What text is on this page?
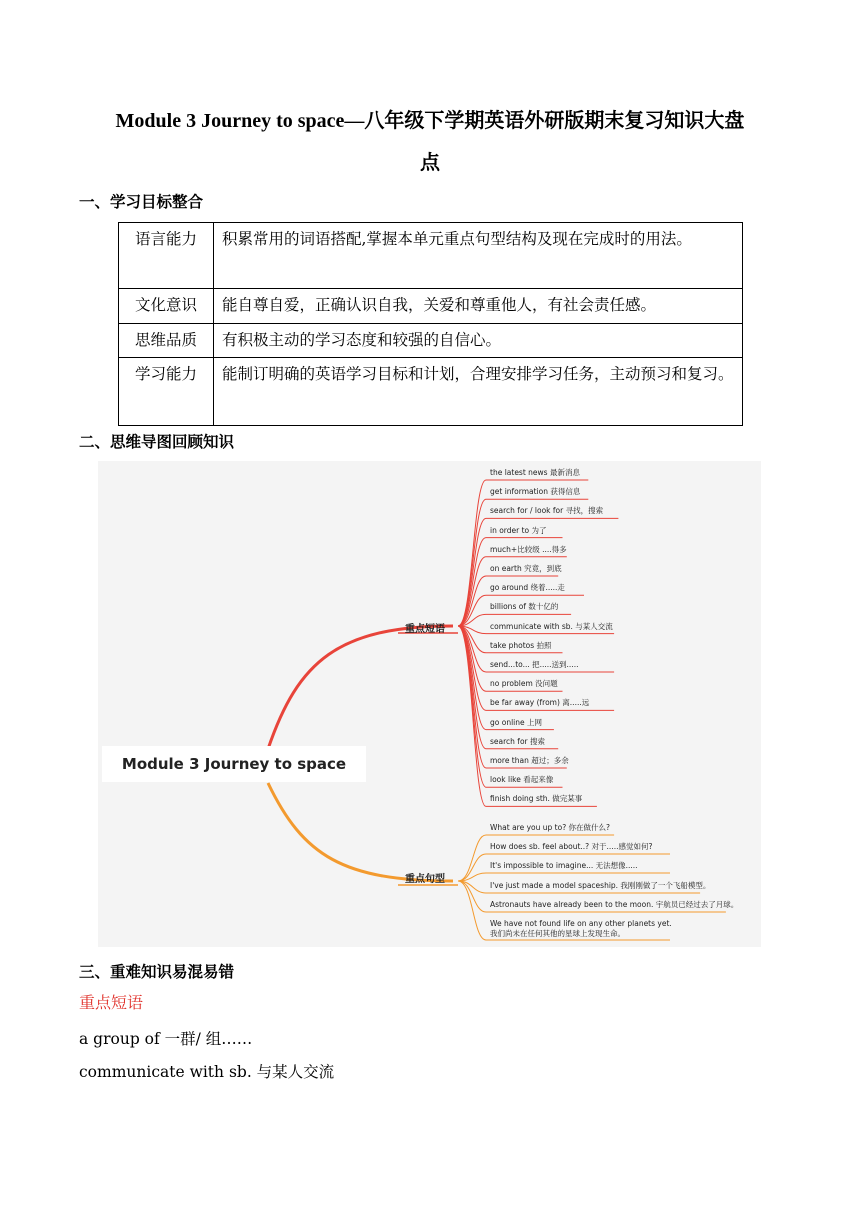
Module 3 Journey to space—八年级下学期英语外研版期末复习知识大盘
点
一、学习目标整合
语言能力	积累常用的词语搭配,掌握本单元重点句型结构及现在完成时的用法。
文化意识	能自尊自爱，正确认识自我，关爱和尊重他人，有社会责任感。
思维品质	有积极主动的学习态度和较强的自信心。
学习能力	能制订明确的英语学习目标和计划，合理安排学习任务，主动预习和复习。
二、思维导图回顾知识
Module 3 Journey to space
重点短语
重点句型
the latest news 最新消息
get information 获得信息
search for / look for 寻找，搜索
in order to 为了
much+比较级 ....得多
on earth 究竟，到底
go around 绕着.....走
billions of 数十亿的
communicate with sb. 与某人交流
take photos 拍照
send...to... 把.....送到.....
no problem 没问题
be far away (from) 离.....远
go online 上网
search for 搜索
more than 超过；多余
look like 看起来像
finish doing sth. 做完某事
What are you up to? 你在做什么?
How does sb. feel about..? 对于.....感觉如何?
It's impossible to imagine... 无法想像.....
I've just made a model spaceship. 我刚刚做了一个飞船模型。
Astronauts have already been to the moon. 宇航员已经过去了月球。
We have not found life on any other planets yet.
我们尚未在任何其他的星球上发现生命。
三、重难知识易混易错
重点短语
a group of 一群/ 组……
communicate with sb. 与某人交流
